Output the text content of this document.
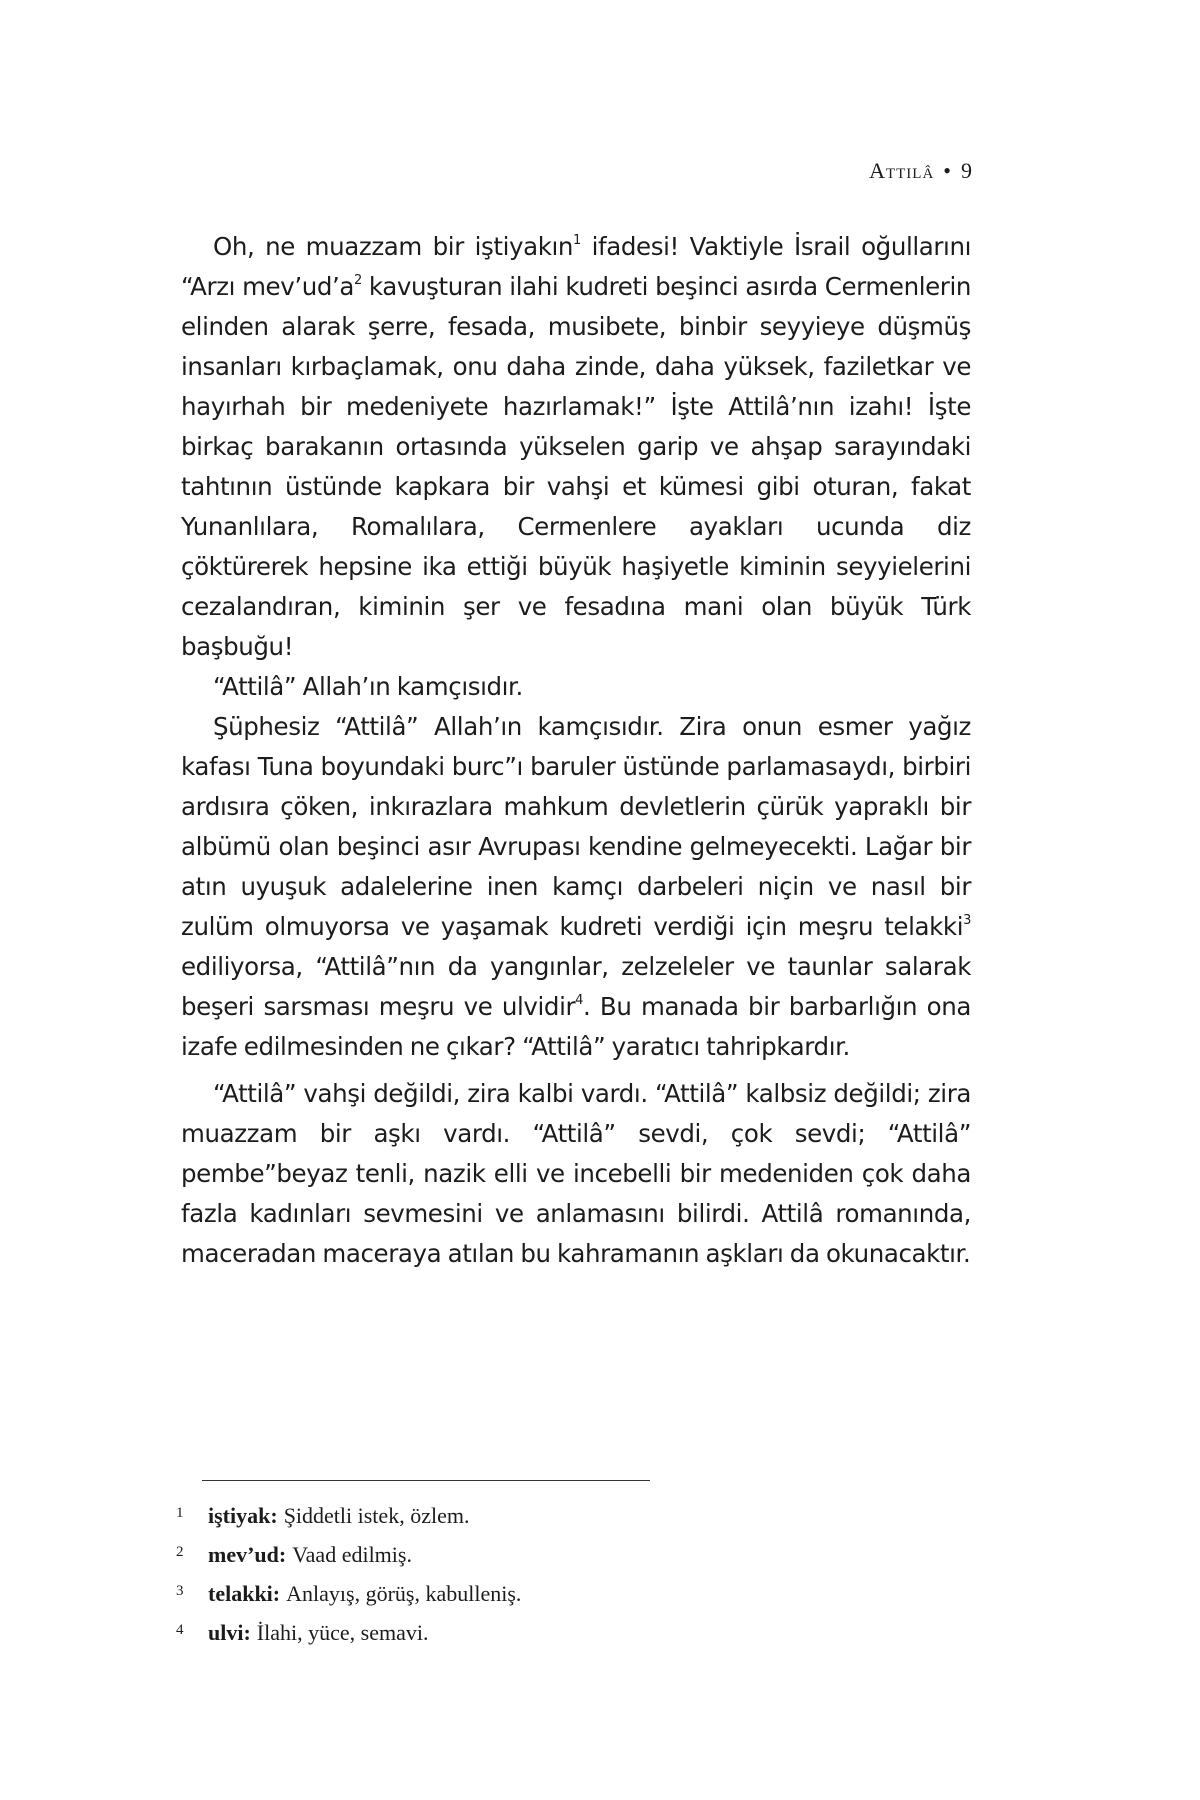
Attilâ • 9

Oh, ne muazzam bir iştiyakın$^1$ ifadesi! Vaktiyle İsrail oğullarını “Arzı $mev’ud’a^2$ kavuşturan ilahi kudreti beşinci asırda Cermenlerin elinden alarak şerre, fesada, musibete, binbir seyyieye düşmüş insanları kırbaçlamak, onu daha zinde, daha yüksek, faziletkar ve hayırhah bir medeniyete hazırlamak!” İşte Attilâ’nın izahı! İşte birkaç barakanın ortasında yükselen garip ve ahşap sarayındaki tahtının üstünde kapkara bir vahşi et kümesi gibi oturan, fakat Yunanlılara, Romalılara, Cermenlere ayakları ucunda diz çöktürerek hepsine ika ettiği büyük haşiyetle kiminin seyyielerini cezalandıran, kiminin şer ve fesadına mani olan büyük Türk başbuğu!

“Attilâ” Allah’ın kamçısıdır.

Şüphesiz “Attilâ” Allah’ın kamçısıdır. Zira onun esmer yağız kafası Tuna boyundaki burc”ı baruler üstünde parlamasaydı, birbiri ardısıra çöken, inkırazlara mahkum devletlerin çürük yapraklı bir albümü olan beşinci asır Avrupası kendine gelmeyecekti. Lağar bir atın uyuşuk adalelerine inen kamçı darbeleri niçin ve nasıl bir zulüm olmuyorsa ve yaşamak kudreti verdiği için meşru telakki$^3$ ediliyorsa, “Attilâ”nın da yangınlar, zelzeleler ve taunlar salarak beşeri sarsması meşru ve ulvidir$^4$. Bu manada bir barbarlığın ona izafe edilmesinden ne çıkar? “Attilâ” yaratıcı tahripkardır.

“Attilâ” vahşi değildi, zira kalbi vardı. “Attilâ” kalbsiz değildi; zira muazzam bir aşkı vardı. “Attilâ” sevdi, çok sevdi; “Attilâ” pembe”beyaz tenli, nazik elli ve incebelli bir medeniden çok daha fazla kadınları sevmesini ve anlamasını bilirdi. Attilâ romanında, maceradan maceraya atılan bu kahramanın aşkları da okunacaktır.

1	iştiyak: Şiddetli istek, özlem.
2	mev’ud: Vaad edilmiş.
3	telakki: Anlayış, görüş, kabulleniş.
4	ulvi: İlahi, yüce, semavi.
